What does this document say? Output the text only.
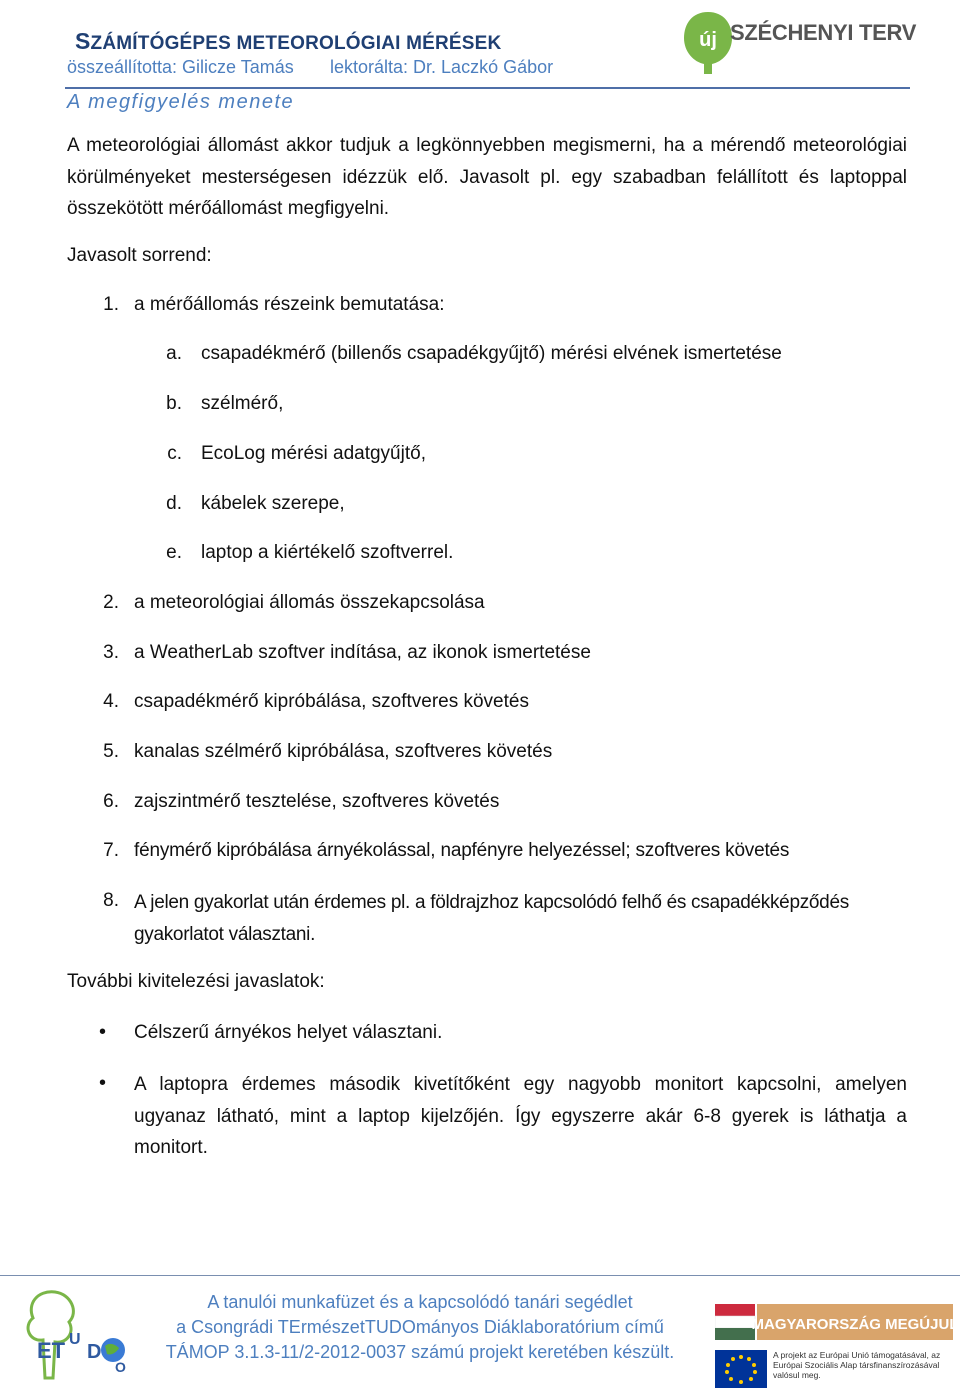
SZÁMÍTÓGÉPES METEOROLÓGIAI MÉRÉSEK
összeállította: Gilicze Tamás lektorálta: Dr. Laczkó Gábor
új SZÉCHENYI TERV
A megfigyelés menete
A meteorológiai állomást akkor tudjuk a legkönnyebben megismerni, ha a mérendő meteorológiai körülményeket mesterségesen idézzük elő. Javasolt pl. egy szabadban felállított és laptoppal összekötött mérőállomást megfigyelni.
Javasolt sorrend:
1. a mérőállomás részeink bemutatása:
a. csapadékmérő (billenős csapadékgyűjtő) mérési elvének ismertetése
b. szélmérő,
c. EcoLog mérési adatgyűjtő,
d. kábelek szerepe,
e. laptop a kiértékelő szoftverrel.
2. a meteorológiai állomás összekapcsolása
3. a WeatherLab szoftver indítása, az ikonok ismertetése
4. csapadékmérő kipróbálása, szoftveres követés
5. kanalas szélmérő kipróbálása, szoftveres követés
6. zajszintmérő tesztelése, szoftveres követés
7. fénymérő kipróbálása árnyékolással, napfényre helyezéssel; szoftveres követés
8. A jelen gyakorlat után érdemes pl. a földrajzhoz kapcsolódó felhő és csapadékképződés gyakorlatot választani.
További kivitelezési javaslatok:
• Célszerű árnyékos helyet választani.
• A laptopra érdemes második kivetítőként egy nagyobb monitort kapcsolni, amelyen ugyanaz látható, mint a laptop kijelzőjén. Így egyszerre akár 6-8 gyerek is láthatja a monitort.
ET U
D
O
A tanulói munkafüzet és a kapcsolódó tanári segédlet
a Csongrádi TErmészetTUDOmányos Diáklaboratórium című
TÁMOP 3.1.3-11/2-2012-0037 számú projekt keretében készült.
MAGYARORSZÁG MEGÚJUL
A projekt az Európai Unió támogatásával, az Európai Szociális Alap társfinanszírozásával valósul meg.
